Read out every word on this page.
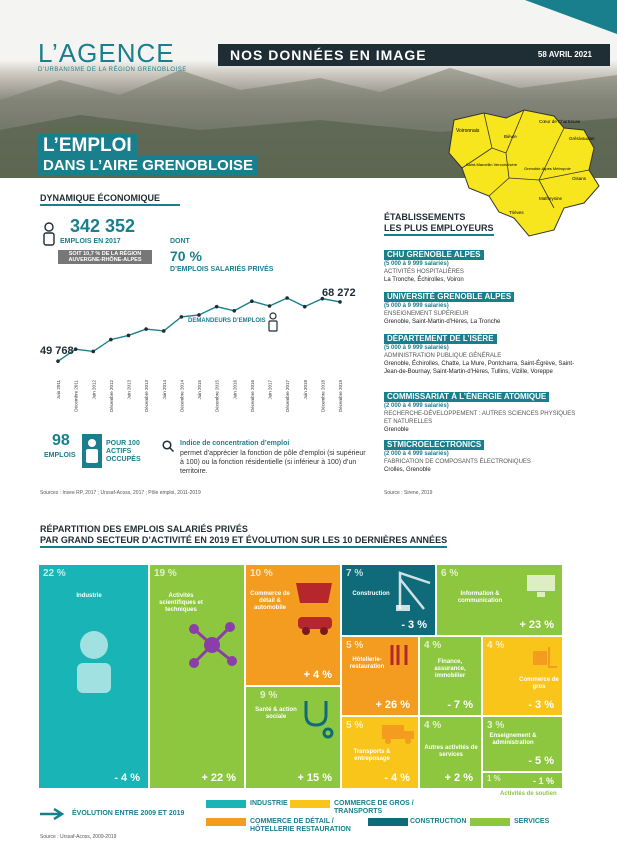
L’AGENCE
D’URBANISME DE LA RÉGION GRENOBLOISE
NOS DONNÉES EN IMAGE	58 AVRIL 2021
L’EMPLOI
DANS L’AIRE GRENOBLOISE
Voironnais
Cœur de Chartreuse
Grésivaudan
Bièvre
Saint-Marcellin Vercors Isère
Grenoble-Alpes Métropole
Oisans
Trièves
Matheysine
DYNAMIQUE ÉCONOMIQUE
342 352
EMPLOIS EN 2017
SOIT 10,7 % DE LA RÉGION AUVERGNE-RHÔNE-ALPES
DONT
70 %
D’EMPLOIS SALARIÉS PRIVÉS
Juin 2011	Décembre 2011	Juin 2012	Décembre 2012	Juin 2013	Décembre 2013	Juin 2014	Décembre 2014	Juin 2015	Décembre 2015	Juin 2016	Décembre 2016	Juin 2017	Décembre 2017	Juin 2018	Décembre 2018	Décembre 2019
49 768
68 272
DEMANDEURS D’EMPLOIS
98
EMPLOIS
POUR 100 ACTIFS OCCUPÉS
Indice de concentration d’emploi
permet d’apprécier la fonction de pôle d’emploi (si supérieur à 100) ou la fonction résidentielle (si inférieur à 100) d’un territoire.
Sources : Insee RP, 2017 ; Urssaf-Acoss, 2017 ; Pôle emploi, 2011-2019
ÉTABLISSEMENTS
LES PLUS EMPLOYEURS
CHU GRENOBLE ALPES
(5 000 à 9 999 salariés)
ACTIVITÉS HOSPITALIÈRES
La Tronche, Échirolles, Voiron
UNIVERSITÉ GRENOBLE ALPES
(5 000 à 9 999 salariés)
ENSEIGNEMENT SUPÉRIEUR
Grenoble, Saint-Martin-d’Hères, La Tronche
DÉPARTEMENT DE L’ISÈRE
(5 000 à 9 999 salariés)
ADMINISTRATION PUBLIQUE GÉNÉRALE
Grenoble, Échirolles, Chatte, La Mure, Pontcharra, Saint-Égrève, Saint-Jean-de-Bournay, Saint-Martin-d’Hères, Tullins, Vizille, Voreppe
COMMISSARIAT À L’ÉNERGIE ATOMIQUE
(2 000 à 4 999 salariés)
RECHERCHE-DÉVELOPPEMENT : AUTRES SCIENCES PHYSIQUES ET NATURELLES
Grenoble
STMICROELECTRONICS
(2 000 à 4 999 salariés)
FABRICATION DE COMPOSANTS ÉLECTRONIQUES
Crolles, Grenoble
Source : Sirene, 2019
RÉPARTITION DES EMPLOIS SALARIÉS PRIVÉS
PAR GRAND SECTEUR D’ACTIVITÉ EN 2019 ET ÉVOLUTION SUR LES 10 DERNIÈRES ANNÉES
22 %
Industrie
- 4 %
19 %
Activités scientifiques et techniques
+ 22 %
10 %
Commerce de détail & automobile
+ 4 %
7 %
Construction
- 3 %
6 %
Information & communication
+ 23 %
9 %
Santé & action sociale
+ 15 %
5 %
Hôtellerie-restauration
+ 26 %
4 %
Finance, assurance, immobilier
- 7 %
4 %
Commerce de gros
- 3 %
5 %
Transports & entreposage
- 4 %
4 %
Autres activités de services
+ 2 %
3 %
Enseignement & administration
- 5 %
1 %	- 1 %
Activités de soutien
ÉVOLUTION ENTRE 2009 ET 2019
INDUSTRIE	COMMERCE DE GROS / TRANSPORTS
COMMERCE DE DÉTAIL / HÔTELLERIE RESTAURATION
CONSTRUCTION	SERVICES
Source : Urssaf-Acoss, 2009-2019
